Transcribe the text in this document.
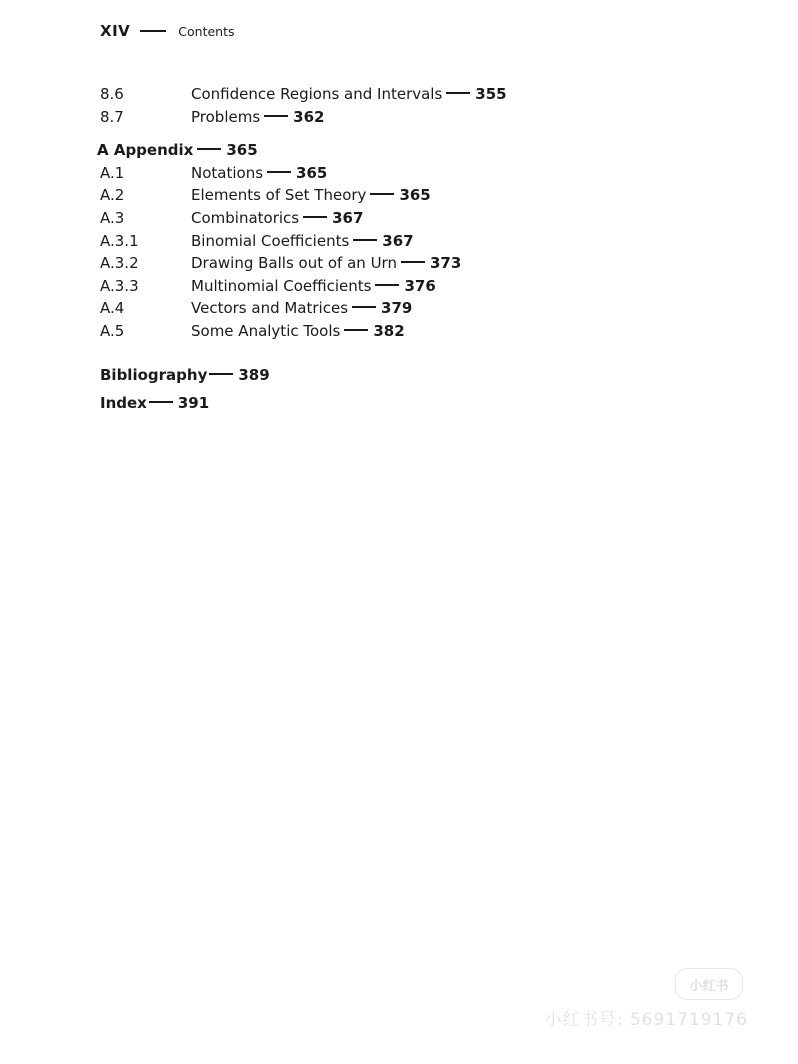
XIV	Contents
8.6	Confidence Regions and Intervals 355
8.7	Problems 362
A Appendix 365
A.1	Notations 365
A.2	Elements of Set Theory 365
A.3	Combinatorics 367
A.3.1	Binomial Coefficients 367
A.3.2	Drawing Balls out of an Urn 373
A.3.3	Multinomial Coefficients 376
A.4	Vectors and Matrices 379
A.5	Some Analytic Tools 382
Bibliography 389
Index 391
小红书
小红书号: 5691719176
